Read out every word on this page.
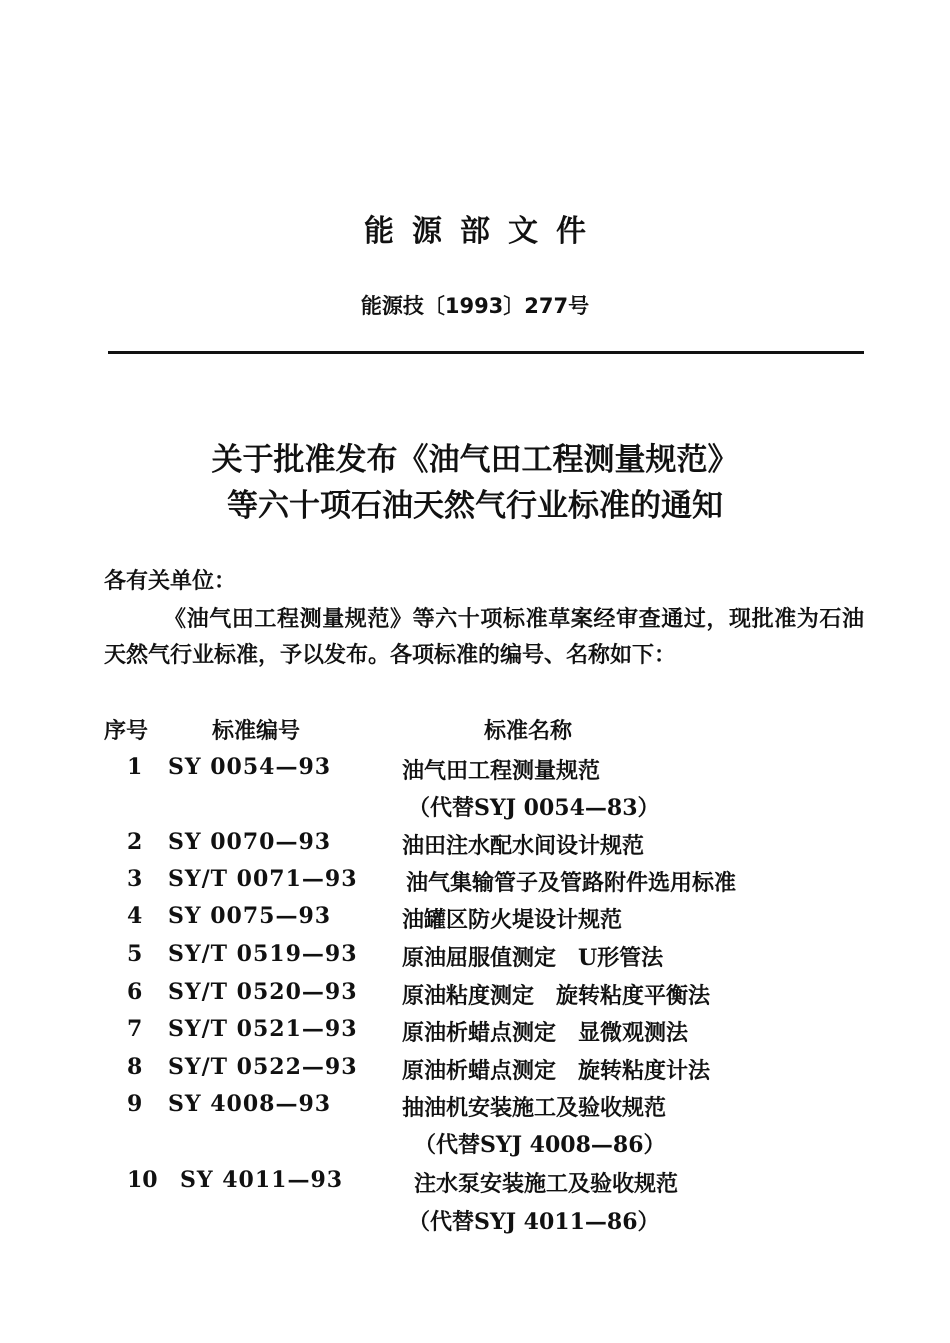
能源部文件
能源技〔1993〕277号
关于批准发布《油气田工程测量规范》
等六十项石油天然气行业标准的通知
各有关单位：
《油气田工程测量规范》等六十项标准草案经审查通过，现批准为石油天然气行业标准，予以发布。各项标准的编号、名称如下：
序号	标准编号	标准名称
1 SY 0054—93	油气田工程测量规范
（代替SYJ 0054—83）
2 SY 0070—93	油田注水配水间设计规范
3 SY/T 0071—93 油气集输管子及管路附件选用标准
4 SY 0075—93	油罐区防火堤设计规范
5 SY/T 0519—93 原油屈服值测定　U形管法
6 SY/T 0520—93 原油粘度测定　旋转粘度平衡法
7 SY/T 0521—93 原油析蜡点测定　显微观测法
8 SY/T 0522—93 原油析蜡点测定　旋转粘度计法
9 SY 4008—93	抽油机安装施工及验收规范
（代替SYJ 4008—86）
10 SY 4011—93	注水泵安装施工及验收规范
（代替SYJ 4011—86）
